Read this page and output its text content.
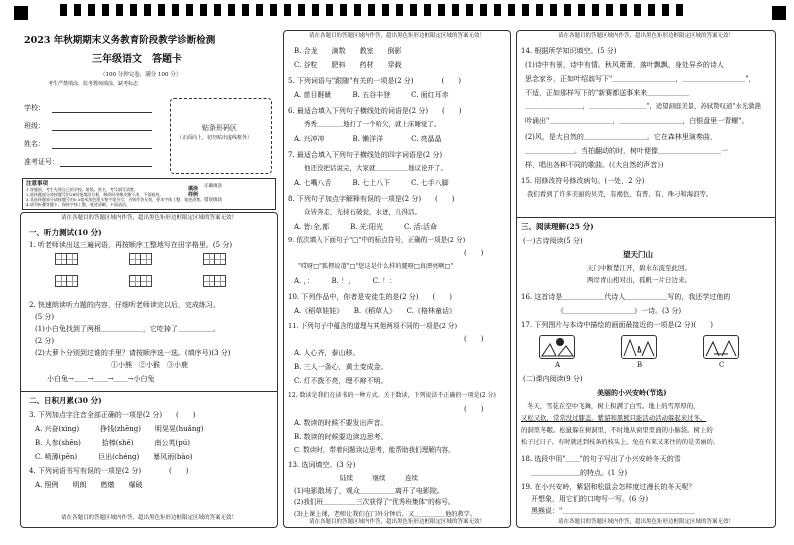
2023 年秋期期末义务教育阶段教学诊断检测
三年级语文　答题卡
（100 分钟完卷，满分 100 分）
考生严禁填涂，监考教师填涂，缺考标志
学校：
班级：
姓名：
准考证号：
贴条形码区
（正面向上，切勿贴出虚线框外）
注意事项
1.答题前，考生先将自己的学校、班级、姓名、考号填写清楚。
2.选择题部分请按题号用2B铅笔填涂方框，修改时用橡皮擦干净，不留痕迹。
3.非选择题部分请按题号用0.5毫米黑色墨水签字笔书写，否则作答无效，要求字体工整、笔迹清楚。
4.请勿折叠答题卡，保持字体工整、笔迹清晰、卡面清洁。
填涂样例
正确填涂
错误填涂
请在各题目的答题区域内作答，超出黑色矩形边框限定区域的答案无效！
一、听力测试(10 分)
1. 听老师读出这三遍词语，再按顺序工整地写在田字格里。(5 分)
2. 快速朗读听力题的内容，仔细听老师读完以后，完成练习。
(5 分)
(1)小白兔找到了两根＿＿＿＿＿＿，它吃掉了＿＿＿＿＿。
(2 分)
(2)大萝卜分别到过谁的手里？请按顺序选一选。(填序号)(3 分)
①小熊　②小猴　③小鹿
小白兔→＿＿→＿＿→＿＿→小白兔
二、日积月累(30 分)
3. 下列加点字注音全部正确的一项是(2 分)　　(　　)
A. 兴奋(xìng)　　　挣钱(zhēng)　　明晃晃(huǎng)
B. 人参(shēn)　　　拾棒(shě)　　　南公英(pú)
C. 喷薄(pēn)　　　巨出(chéng)　　暴风雨(bào)
4. 下列词语书写有误的一项是(2 分)　　　　(　　)
A. 照例　　明朗　　燃燉　　爆破
请在各题目的答题区域内作答，超出黑色矩形边框限定区域的答案无效！
请在各题目的答题区域内作答，超出黑色矩形边框限定区域的答案无效！
B. 合龙　　滴数　　教室　　倒影
C. 谷粒　　肥料　　药材　　穿载
5. 下列词语与"跟随"有关的一项是(2 分)　　　　(　　)
A. 慈目睚眦　　　B. 五谷丰登　　　C. 面红耳赤
6. 最适合填入下列句子横线处的词语是(2 分)　　(　　)
秀秀＿＿＿＿地打了一个哈欠，就上床睡觉了。
A. 兴冲冲　　　　B. 懒洋洋　　　　C. 亮晶晶
7. 最适合填入下列句子横线处的四字词语是(2 分)
他还没把话说完，大家就＿＿＿＿＿地议论开了。
A. 七嘴八舌　　　B. 七上八下　　　C. 七手八脚
8. 下列句子加点字解释有误的一项是(2 分)　　(　　)
众皆奔走，光持石破瓮，水迸，儿得活。
A. 皆:全,都　　　B. 光:阳光　　　C. 活:活命
9. 依次填入下面句子"□"中的标点符号，正确的一项是(2 分)
(　　)
"哎呀□"狐狸说道"□"您这是什么样的腿呀□真漂亮啊□"
A. ，：　　　B. ！，　　　C. ！：
10. 下列作品中，你者是安徒生的是(2 分)　　(　　)
A.《稻草娃娃》　　B.《稻草人》　　C.《格林童话》
11. 下列句子中蕴含的道理与其他两项不同的一项是(2 分)
(　　)
A. 人心齐，泰山移。
B. 三人一条心，黄土变成金。
C. 灯不拨不亮，理不辩不明。
12. 数读是我们在读书的一种方式。关于数读，下列说法不正确的一项是(2 分)
(　　)
A. 数读的时候不要发出声音。
B. 数读的时候要边读边思考。
C. 数读时，带着问题读边思考，能帮助我们理解内容。
13. 选词填空。(3 分)
陆续　　　继续　　　连续
(1)电影散场了，观众＿＿＿＿＿离开了电影院。
(2)我们班＿＿＿＿＿三次获得了"优秀班集体"的称号。
(3)上课上课，老师让我们在门外分钟后，又＿＿＿＿＿他的教学。
请在各题目的答题区域内作答，超出黑色矩形边框限定区域的答案无效！
请在各题目的答题区域内作答，超出黑色矩形边框限定区域的答案无效！
14. 根据所学知识填空。(5 分)
(1)诗中有景，诗中有情。秋风萧萧，落叶飘飘，身处异乡的诗人
思念家乡，正如叶绍翁写下"＿＿＿＿＿＿＿＿＿，＿＿＿＿＿＿＿＿＿"，
不适，正如那样写下的"新赛都送事来来＿＿＿＿＿＿
＿＿＿＿＿＿＿＿＿，＿＿＿＿＿＿＿＿＿"，适望洞庭美景，苏轼赞叹道"水光潋滟
吟诵出"＿＿＿＿＿＿＿＿＿，＿＿＿＿＿＿＿＿＿，白银盘里一青螺"。
(2)风，是大自然的＿＿＿＿＿＿＿＿＿。它在森林里演奏曲，
＿＿＿＿＿＿＿。当拍翻动的时，树叶便像＿＿＿＿＿＿＿＿＿一
样，唱出各种不同的歌曲。(《大自然的声音》)
15. 用修改符号修改病句。(一处，2 分)
我们看到了许多美丽的贝壳，有褐色、有普、有，珠刁和海浪等。
三、阅读理解(25 分)
(一)古诗阅读(5 分)
望天门山
天门中断楚江开，碧水东流至此回。
两岸青山相对出，孤帆一片日边来。
16. 这首诗是＿＿＿＿＿＿代诗人＿＿＿＿＿＿写的，我还学过他的
《＿＿＿＿＿＿＿＿＿＿》一诗。(3 分)
17. 下列图片与本诗中描绘的画面最接近的一项是(2 分)(　　)
A	B	C
(二)课内阅读(9 分)
美丽的小兴安岭(节选)
冬天，雪花在空中飞舞，树上积满了白雪。地上的雪厚厚的，
又松又软，常常没过膝盖。紫貂和黑熊只能活动活动躲起来过冬。
的洞里冬眠。松鼠躲在树洞里，不时地从窗里里面的小脑袋。树上的
松子过日子，有时就还到枝条的枝头上，兔在有来又来往的的是美丽的。
18. 选段中用"＿＿"的句子写出了小兴安岭冬天的雪
＿＿＿＿＿＿＿的特点。(1 分)
19. 在小兴安岭，紫貂和松鼠会怎样度过漫长的冬天呢？
开想象，用它们的口吻写一写。(6 分)
黑熊说："＿＿＿＿＿＿＿＿＿＿＿＿＿＿＿＿＿＿＿
请在各题目的答题区域内作答，超出黑色矩形边框限定区域的答案无效！
